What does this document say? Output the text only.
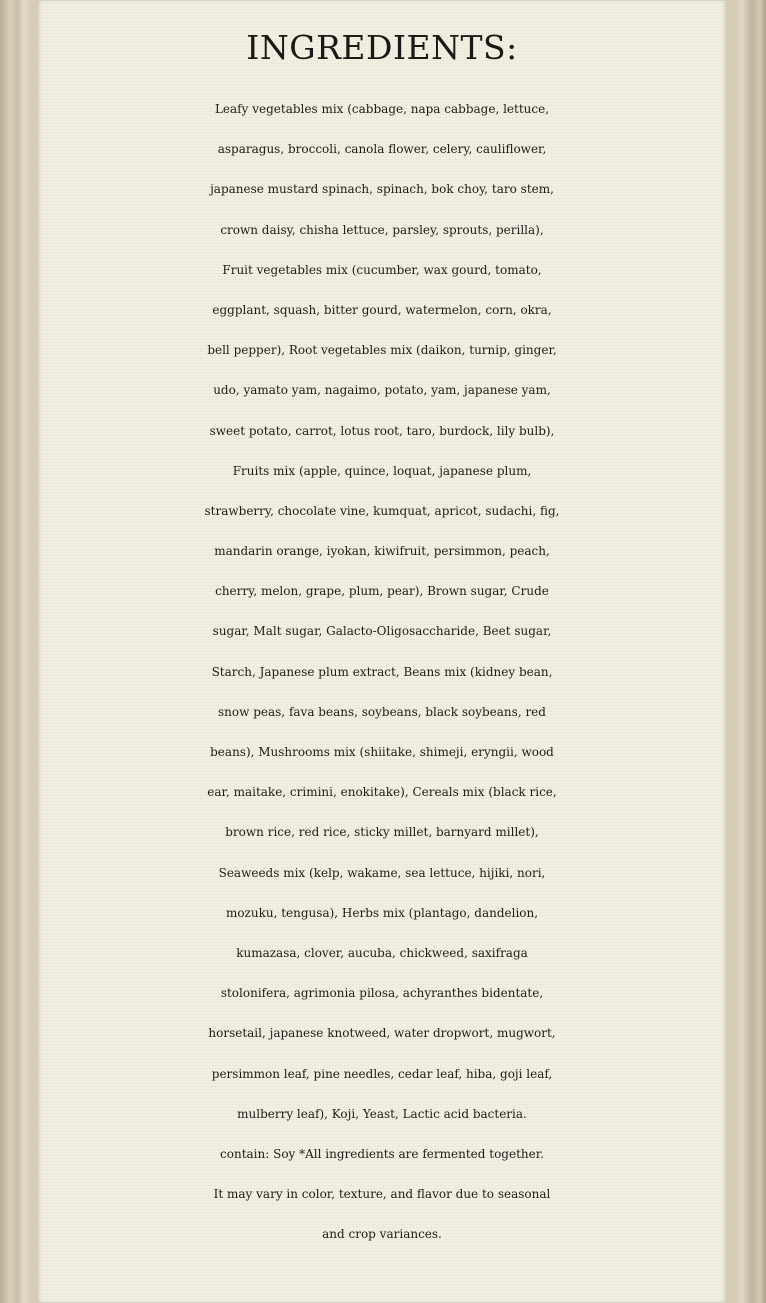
INGREDIENTS:
Leafy vegetables mix (cabbage, napa cabbage, lettuce,
asparagus, broccoli, canola flower, celery, cauliflower,
japanese mustard spinach, spinach, bok choy, taro stem,
crown daisy, chisha lettuce, parsley, sprouts, perilla),
Fruit vegetables mix (cucumber, wax gourd, tomato,
eggplant, squash, bitter gourd, watermelon, corn, okra,
bell pepper), Root vegetables mix (daikon, turnip, ginger,
udo, yamato yam, nagaimo, potato, yam, japanese yam,
sweet potato, carrot, lotus root, taro, burdock, lily bulb),
Fruits mix (apple, quince, loquat, japanese plum,
strawberry, chocolate vine, kumquat, apricot, sudachi, fig,
mandarin orange, iyokan, kiwifruit, persimmon, peach,
cherry, melon, grape, plum, pear), Brown sugar, Crude
sugar, Malt sugar, Galacto-Oligosaccharide, Beet sugar,
Starch, Japanese plum extract, Beans mix (kidney bean,
snow peas, fava beans, soybeans, black soybeans, red
beans), Mushrooms mix (shiitake, shimeji, eryngii, wood
ear, maitake, crimini, enokitake), Cereals mix (black rice,
brown rice, red rice, sticky millet, barnyard millet),
Seaweeds mix (kelp, wakame, sea lettuce, hijiki, nori,
mozuku, tengusa), Herbs mix (plantago, dandelion,
kumazasa, clover, aucuba, chickweed, saxifraga
stolonifera, agrimonia pilosa, achyranthes bidentate,
horsetail, japanese knotweed, water dropwort, mugwort,
persimmon leaf, pine needles, cedar leaf, hiba, goji leaf,
mulberry leaf), Koji, Yeast, Lactic acid bacteria.
contain: Soy *All ingredients are fermented together.
It may vary in color, texture, and flavor due to seasonal
and crop variances.
